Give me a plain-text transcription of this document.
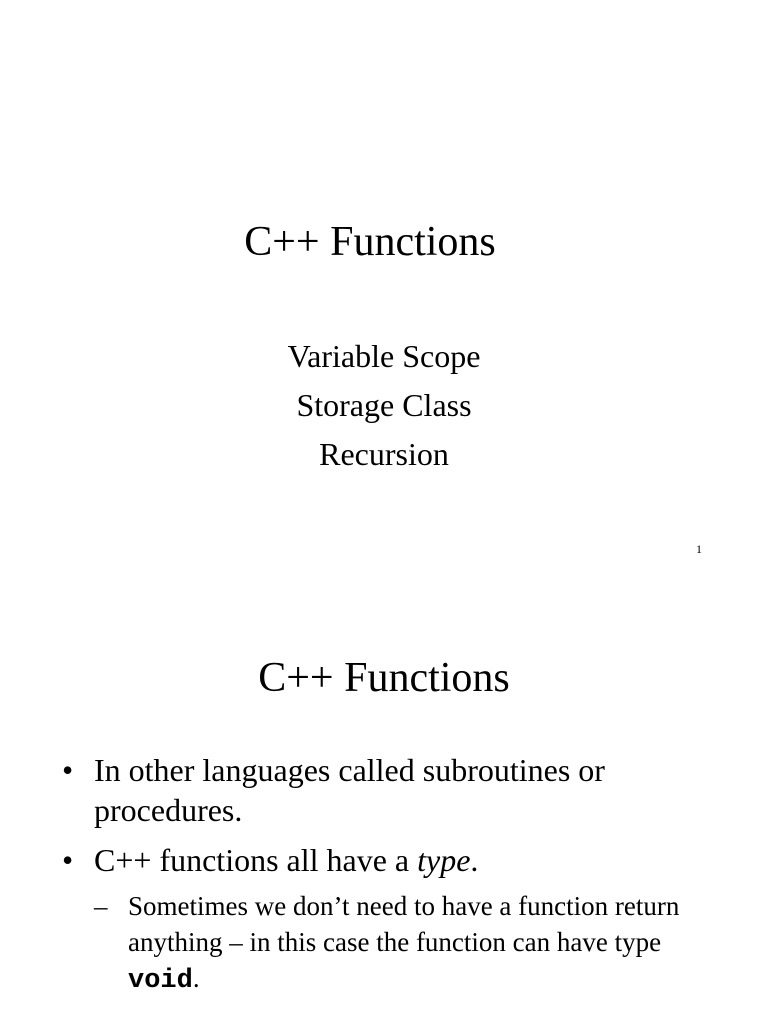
C++ Functions
Variable Scope
Storage Class
Recursion
1
C++ Functions
• In other languages called subroutines or procedures.
• C++ functions all have a type.
– Sometimes we don’t need to have a function return anything – in this case the function can have type void.
